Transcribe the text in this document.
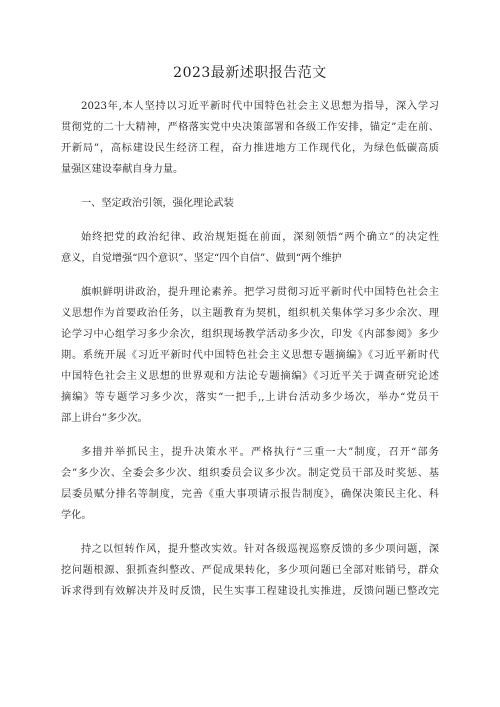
2023最新述职报告范文
2023年,本人坚持以习近平新时代中国特色社会主义思想为指导，深入学习
贯彻党的二十大精神，严格落实党中央决策部署和各级工作安排，锚定”走在前、
开新局”，高标建设民生经济工程，奋力推进地方工作现代化，为绿色低碳高质
量强区建设奉献自身力量。
一、坚定政治引领，强化理论武装
始终把党的政治纪律、政治规矩挺在前面，深刻领悟“两个确立”的决定性
意义，自觉增强“四个意识”、坚定“四个自信”、做到“两个维护
旗帜鲜明讲政治，提升理论素养。把学习贯彻习近平新时代中国特色社会主
义思想作为首要政治任务，以主题教育为契机，组织机关集体学习多少余次、理
论学习中心组学习多少余次，组织现场教学活动多少次，印发《内部参阅》多少
期。系统开展《习近平新时代中国特色社会主义思想专题摘编》《习近平新时代
中国特色社会主义思想的世界观和方法论专题摘编》《习近平关于调查研究论述
摘编》等专题学习多少次，落实“一把手,,上讲台活动多少场次，举办“党员干
部上讲台”多少次。
多措并举抓民主，提升决策水平。严格执行“三重一大”制度，召开“部务
会”多少次、全委会多少次、组织委员会议多少次。制定党员干部及时奖惩、基
层委员赋分排名等制度，完善《重大事项请示报告制度》，确保决策民主化、科
学化。
持之以恒转作风，提升整改实效。针对各级巡视巡察反馈的多少项问题，深
挖问题根源、狠抓查纠整改、严促成果转化，多少项问题已全部对账销号，群众
诉求得到有效解决并及时反馈，民生实事工程建设扎实推进，反馈问题已整改完
